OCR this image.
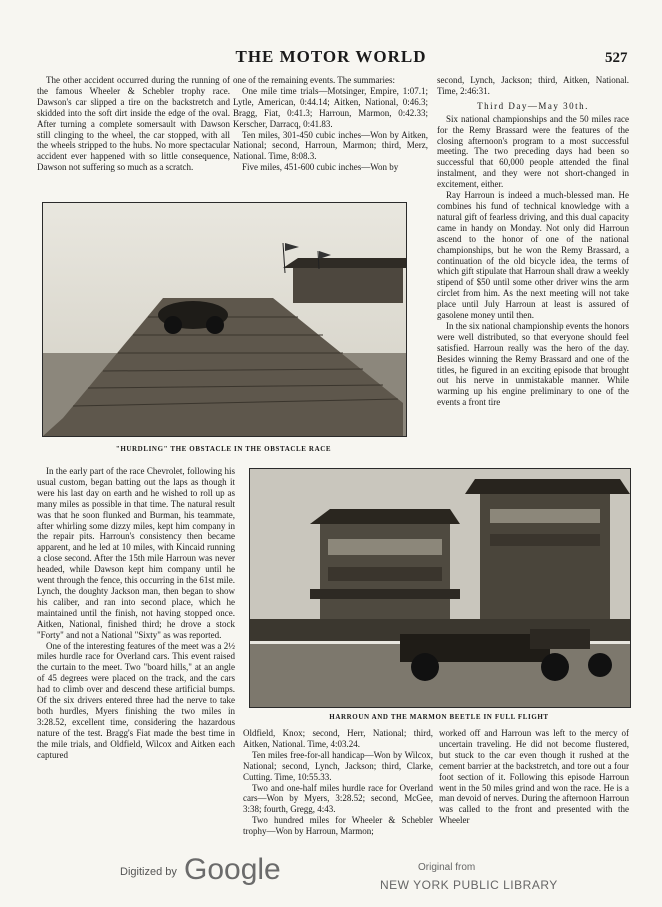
THE MOTOR WORLD	527

The other accident occurred during the running of the famous Wheeler & Schebler trophy race. Dawson's car slipped a tire on the backstretch and skidded into the soft dirt inside the edge of the oval. After turning a complete somersault with Dawson still clinging to the wheel, the car stopped, with all the wheels stripped to the hubs. No more spectacular accident ever happened with so little consequence, Dawson not suffering so much as a scratch.

one of the remaining events. The summaries:

One mile time trials—Motsinger, Empire, 1:07.1; Lytle, American, 0:44.14; Aitken, National, 0:46.3; Bragg, Fiat, 0:41.3; Harroun, Marmon, 0:42.33; Kerscher, Darracq, 0:41.83.

Ten miles, 301-450 cubic inches—Won by Aitken, National; second, Harroun, Marmon; third, Merz, National. Time, 8:08.3.

Five miles, 451-600 cubic inches—Won by

second, Lynch, Jackson; third, Aitken, National. Time, 2:46:31.

Third Day—May 30th.

Six national championships and the 50 miles race for the Remy Brassard were the features of the closing afternoon's program to a most successful meeting. The two preceding days had been so successful that 60,000 people attended the final instalment, and they were not short-changed in excitement, either.

Ray Harroun is indeed a much-blessed man. He combines his fund of technical knowledge with a natural gift of fearless driving, and this dual capacity came in handy on Monday. Not only did Harroun ascend to the honor of one of the national championships, but he won the Remy Brassard, a continuation of the old bicycle idea, the terms of which gift stipulate that Harroun shall draw a weekly stipend of $50 until some other driver wins the arm circlet from him. As the next meeting will not take place until July Harroun at least is assured of gasolene money until then.

In the six national championship events the honors were well distributed, so that everyone should feel satisfied. Harroun really was the hero of the day. Besides winning the Remy Brassard and one of the titles, he figured in an exciting episode that brought out his nerve in unmistakable manner. While warming up his engine preliminary to one of the events a front tire

"HURDLING" THE OBSTACLE IN THE OBSTACLE RACE

In the early part of the race Chevrolet, following his usual custom, began batting out the laps as though it were his last day on earth and he wished to roll up as many miles as possible in that time. The natural result was that he soon flunked and Burman, his teammate, after whirling some dizzy miles, kept him company in the repair pits. Harroun's consistency then became apparent, and he led at 10 miles, with Kincaid running a close second. After the 15th mile Harroun was never headed, while Dawson kept him company until he went through the fence, this occurring in the 61st mile. Lynch, the doughty Jackson man, then began to show his caliber, and ran into second place, which he maintained until the finish, not having stopped once. Aitken, National, finished third; he drove a stock "Forty" and not a National "Sixty" as was reported.

One of the interesting features of the meet was a 2½ miles hurdle race for Overland cars. This event raised the curtain to the meet. Two "board hills," at an angle of 45 degrees were placed on the track, and the cars had to climb over and descend these artificial bumps. Of the six drivers entered three had the nerve to take both hurdles, Myers finishing the two miles in 3:28.52, excellent time, considering the hazardous nature of the test. Bragg's Fiat made the best time in the mile trials, and Oldfield, Wilcox and Aitken each captured

HARROUN AND THE MARMON BEETLE IN FULL FLIGHT

Oldfield, Knox; second, Herr, National; third, Aitken, National. Time, 4:03.24.

Ten miles free-for-all handicap—Won by Wilcox, National; second, Lynch, Jackson; third, Clarke, Cutting. Time, 10:55.33.

Two and one-half miles hurdle race for Overland cars—Won by Myers, 3:28.52; second, McGee, 3:38; fourth, Gregg, 4:43.

Two hundred miles for Wheeler & Schebler trophy—Won by Harroun, Marmon;

worked off and Harroun was left to the mercy of uncertain traveling. He did not become flustered, but stuck to the car even though it rushed at the cement barrier at the backstretch, and tore out a four foot section of it. Following this episode Harroun went in the 50 miles grind and won the race. He is a man devoid of nerves. During the afternoon Harroun was called to the front and presented with the Wheeler

Digitized by Google	Original from
NEW YORK PUBLIC LIBRARY
